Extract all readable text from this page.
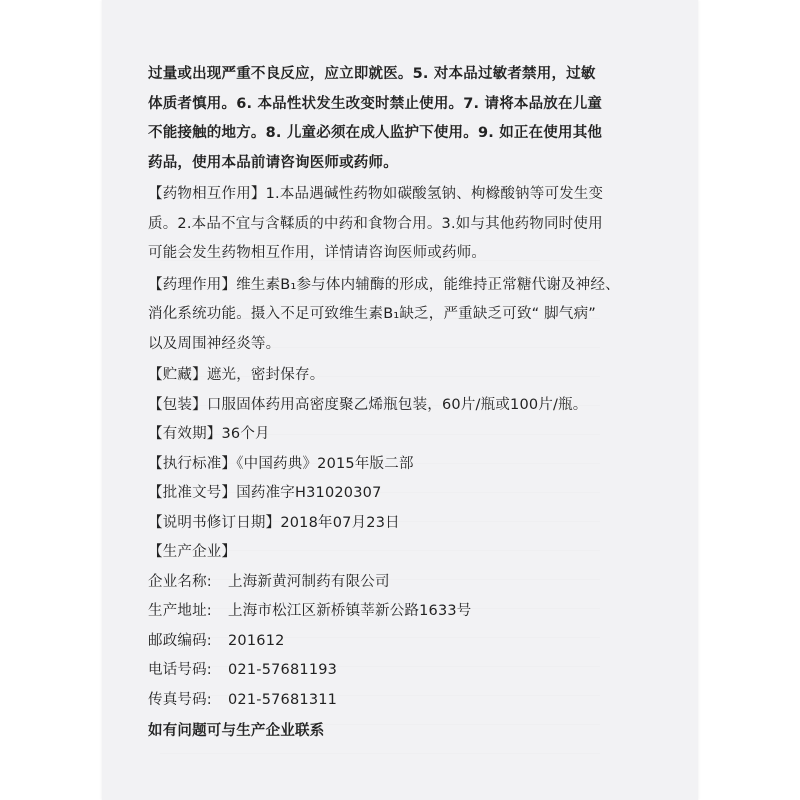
过量或出现严重不良反应，应立即就医。5. 对本品过敏者禁用，过敏

体质者慎用。6. 本品性状发生改变时禁止使用。7. 请将本品放在儿童

不能接触的地方。8. 儿童必须在成人监护下使用。9. 如正在使用其他

药品，使用本品前请咨询医师或药师。

【药物相互作用】1.本品遇碱性药物如碳酸氢钠、枸橼酸钠等可发生变

质。2.本品不宜与含鞣质的中药和食物合用。3.如与其他药物同时使用

可能会发生药物相互作用，详情请咨询医师或药师。

【药理作用】维生素B₁参与体内辅酶的形成，能维持正常糖代谢及神经、

消化系统功能。摄入不足可致维生素B₁缺乏，严重缺乏可致“ 脚气病”

以及周围神经炎等。

【贮藏】遮光，密封保存。

【包装】口服固体药用高密度聚乙烯瓶包装，60片/瓶或100片/瓶。

【有效期】36个月

【执行标准】《中国药典》2015年版二部

【批准文号】国药准字H31020307

【说明书修订日期】2018年07月23日

【生产企业】

企业名称: 上海新黄河制药有限公司

生产地址: 上海市松江区新桥镇莘新公路1633号

邮政编码: 201612

电话号码: 021-57681193

传真号码: 021-57681311

如有问题可与生产企业联系
